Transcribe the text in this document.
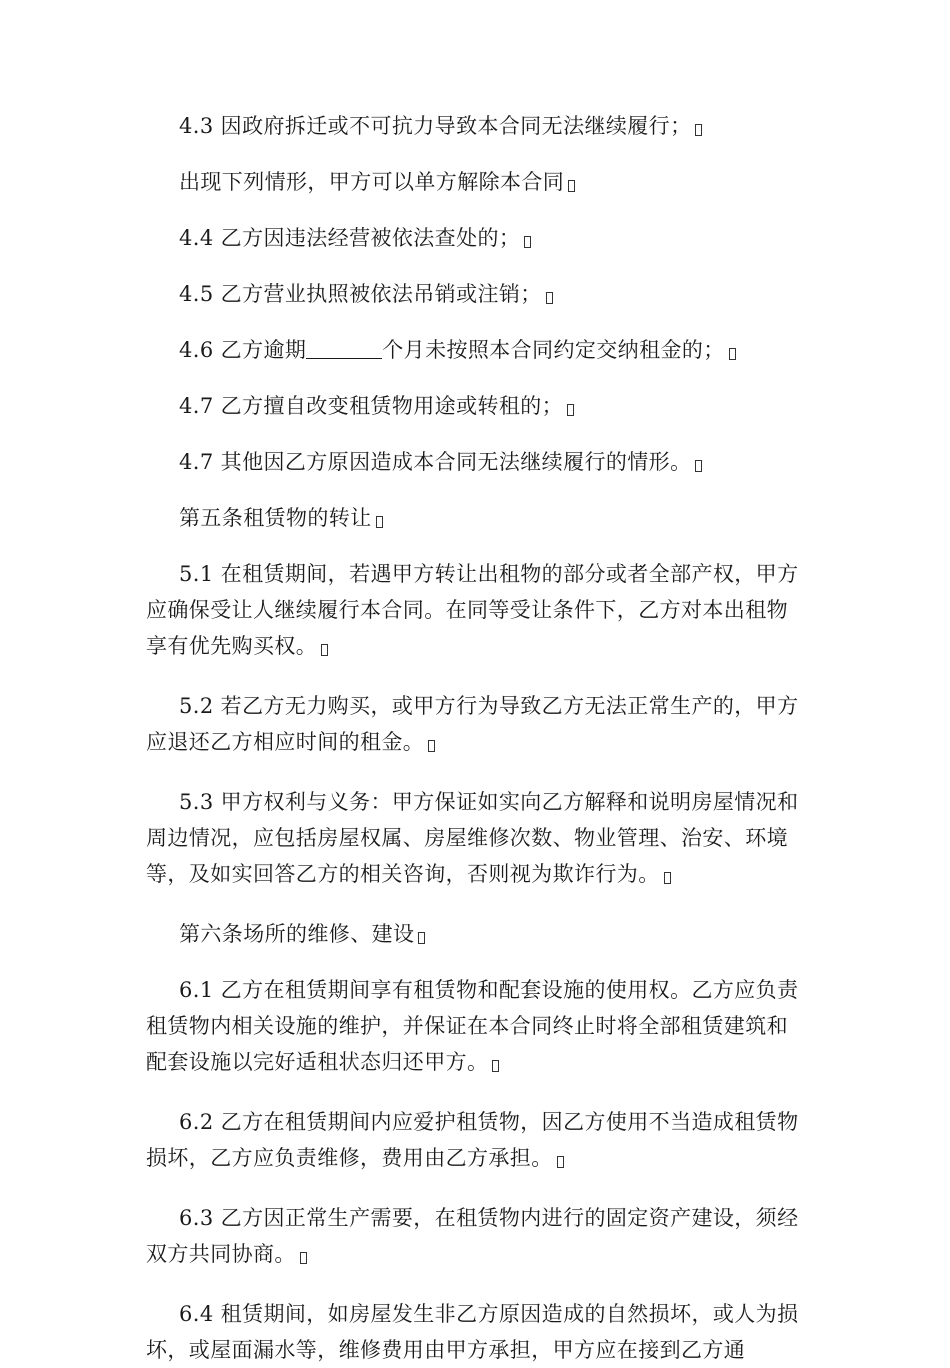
4.3 因政府拆迁或不可抗力导致本合同无法继续履行；

出现下列情形，甲方可以单方解除本合同

4.4 乙方因违法经营被依法查处的；

4.5 乙方营业执照被依法吊销或注销；

4.6 乙方逾期	个月未按照本合同约定交纳租金的；

4.7 乙方擅自改变租赁物用途或转租的；

4.7 其他因乙方原因造成本合同无法继续履行的情形。

第五条租赁物的转让

5.1 在租赁期间，若遇甲方转让出租物的部分或者全部产权，甲方应确保受让人继续履行本合同。在同等受让条件下，乙方对本出租物享有优先购买权。

5.2 若乙方无力购买，或甲方行为导致乙方无法正常生产的，甲方应退还乙方相应时间的租金。

5.3 甲方权利与义务：甲方保证如实向乙方解释和说明房屋情况和周边情况，应包括房屋权属、房屋维修次数、物业管理、治安、环境等，及如实回答乙方的相关咨询，否则视为欺诈行为。

第六条场所的维修、建设

6.1 乙方在租赁期间享有租赁物和配套设施的使用权。乙方应负责租赁物内相关设施的维护，并保证在本合同终止时将全部租赁建筑和配套设施以完好适租状态归还甲方。

6.2 乙方在租赁期间内应爱护租赁物，因乙方使用不当造成租赁物损坏，乙方应负责维修，费用由乙方承担。

6.3 乙方因正常生产需要，在租赁物内进行的固定资产建设，须经双方共同协商。

6.4 租赁期间，如房屋发生非乙方原因造成的自然损坏，或人为损坏，或屋面漏水等，维修费用由甲方承担，甲方应在接到乙方通
